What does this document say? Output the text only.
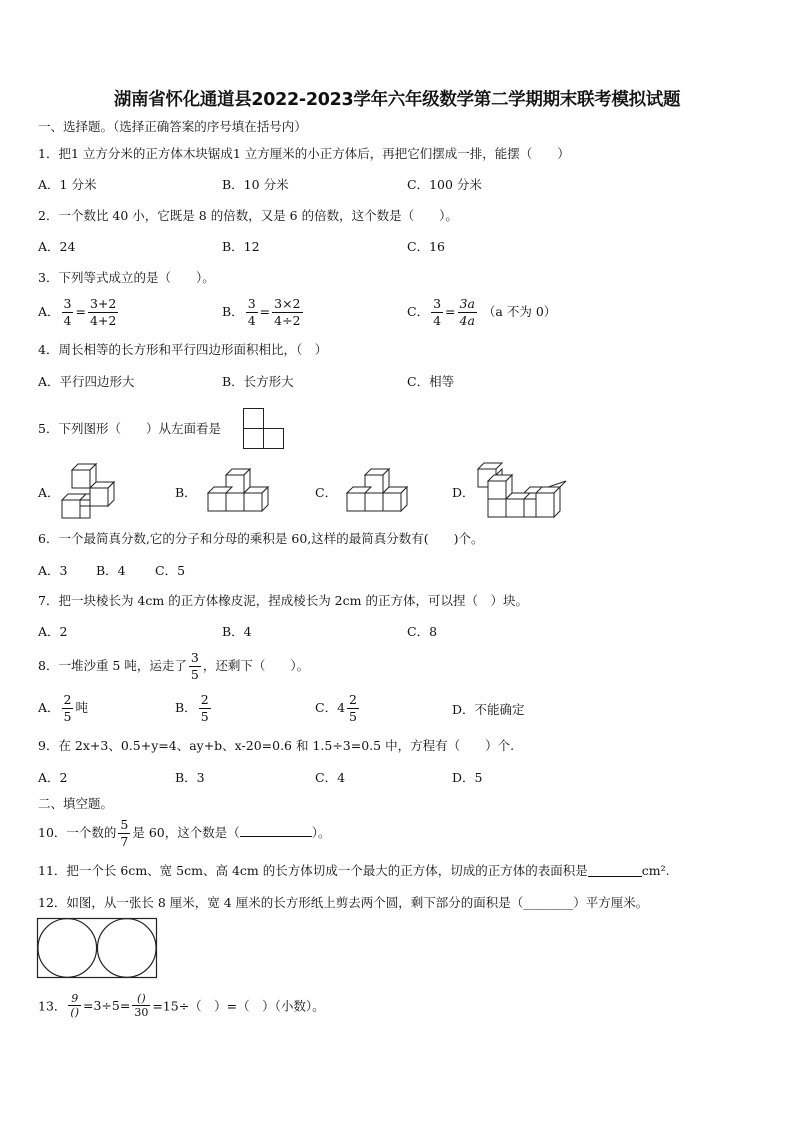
湖南省怀化通道县2022-2023学年六年级数学第二学期期末联考模拟试题
一、选择题。（选择正确答案的序号填在括号内）
1．把1 立方分米的正方体木块锯成1 立方厘米的小正方体后，再把它们摆成一排，能摆（　　）
A．1 分米	B．10 分米	C．100 分米
2．一个数比 40 小，它既是 8 的倍数，又是 6 的倍数，这个数是（　　）。
A．24	B．12	C．16
3．下列等式成立的是（　　）。
A． $\frac{3}{4} = \frac{3+2}{4+2}$	B． $\frac{3}{4} = \frac{3\times 2}{4\div 2}$	C． $\frac{3}{4} = \frac{3a}{4a} (a$ 不为 0）
4．周长相等的长方形和平行四边形面积相比，（　）
A．平行四边形大	B．长方形大	C．相等
5．下列图形（　　）从左面看是
A．	B．	C．	D．
6．一个最简真分数,它的分子和分母的乘积是 60,这样的最简真分数有(　　)个。
A．3 B．4 C．5
7．把一块棱长为 4cm 的正方体橡皮泥，捏成棱长为 2cm 的正方体，可以捏（　）块。
A．2	B．4	C．8
8．一堆沙重 5 吨，运走了 $\frac{3}{5}$ ，还剩下（　　）。
A． $\frac{2}{5}$ 吨	B． $\frac{2}{5}$	C．$4 \frac{2}{5}$	D．不能确定
9．在 2x+3、0.5+y=4、ay+b、x-20=0.6 和 1.5÷3=0.5 中，方程有（　　）个.
A．2	B．3	C．4	D．5
二、填空题。
10．一个数的 $\frac{5}{7}$ 是 60，这个数是（	）。
11．把一个长 6cm、宽 5cm、高 4cm 的长方体切成一个最大的正方体，切成的正方体的表面积是	cm².
12．如图，从一张长 8 厘米，宽 4 厘米的长方形纸上剪去两个圆，剩下部分的面积是（________）平方厘米。
13． $\frac{9}{()} =3\div 5= \frac{()}{30} =15\div$（　）=（　）（小数）。
